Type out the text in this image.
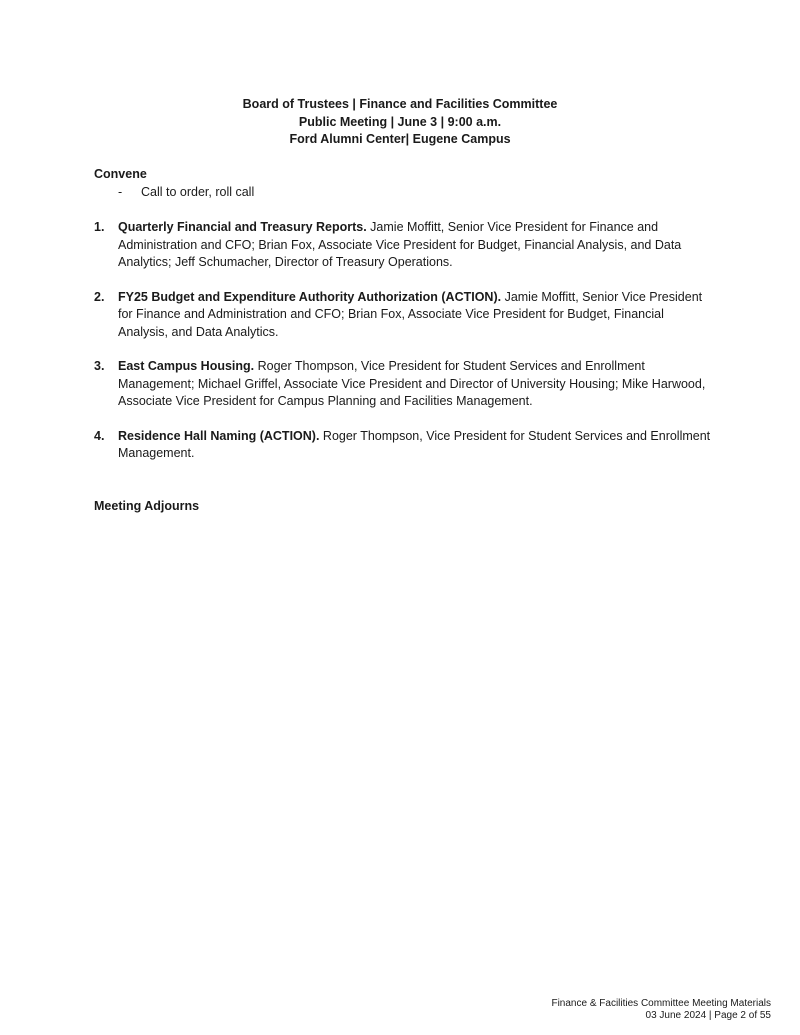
Board of Trustees | Finance and Facilities Committee
Public Meeting | June 3 | 9:00 a.m.
Ford Alumni Center| Eugene Campus

Convene

- Call to order, roll call

1. Quarterly Financial and Treasury Reports. Jamie Moffitt, Senior Vice President for Finance and Administration and CFO; Brian Fox, Associate Vice President for Budget, Financial Analysis, and Data Analytics; Jeff Schumacher, Director of Treasury Operations.
2. FY25 Budget and Expenditure Authority Authorization (ACTION). Jamie Moffitt, Senior Vice President for Finance and Administration and CFO; Brian Fox, Associate Vice President for Budget, Financial Analysis, and Data Analytics.
3. East Campus Housing. Roger Thompson, Vice President for Student Services and Enrollment Management; Michael Griffel, Associate Vice President and Director of University Housing; Mike Harwood, Associate Vice President for Campus Planning and Facilities Management.
4. Residence Hall Naming (ACTION). Roger Thompson, Vice President for Student Services and Enrollment Management.
Meeting Adjourns
Finance & Facilities Committee Meeting Materials
03 June 2024 | Page 2 of 55
